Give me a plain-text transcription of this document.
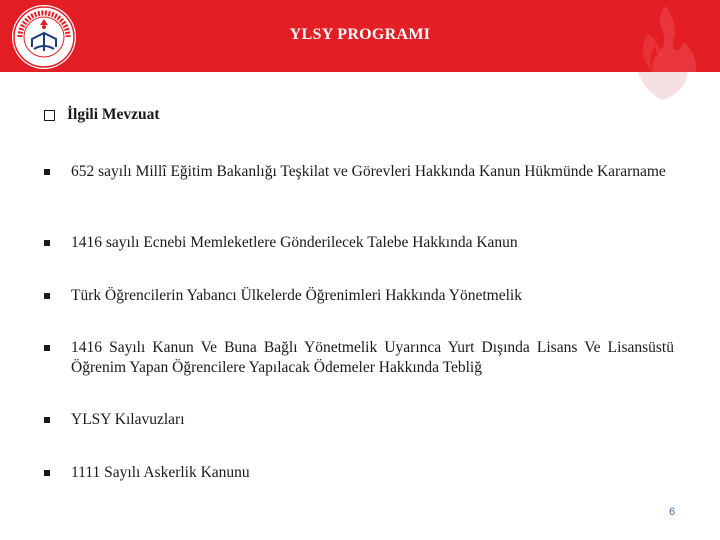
YLSY PROGRAMI
İlgili Mevzuat
652 sayılı Millî Eğitim Bakanlığı Teşkilat ve Görevleri Hakkında Kanun Hükmünde Kararname
1416 sayılı Ecnebi Memleketlere Gönderilecek Talebe Hakkında Kanun
Türk Öğrencilerin Yabancı Ülkelerde Öğrenimleri Hakkında Yönetmelik
1416 Sayılı Kanun Ve Buna Bağlı Yönetmelik Uyarınca Yurt Dışında Lisans Ve Lisansüstü Öğrenim Yapan Öğrencilere Yapılacak Ödemeler Hakkında Tebliğ
YLSY Kılavuzları
1111 Sayılı Askerlik Kanunu
6
